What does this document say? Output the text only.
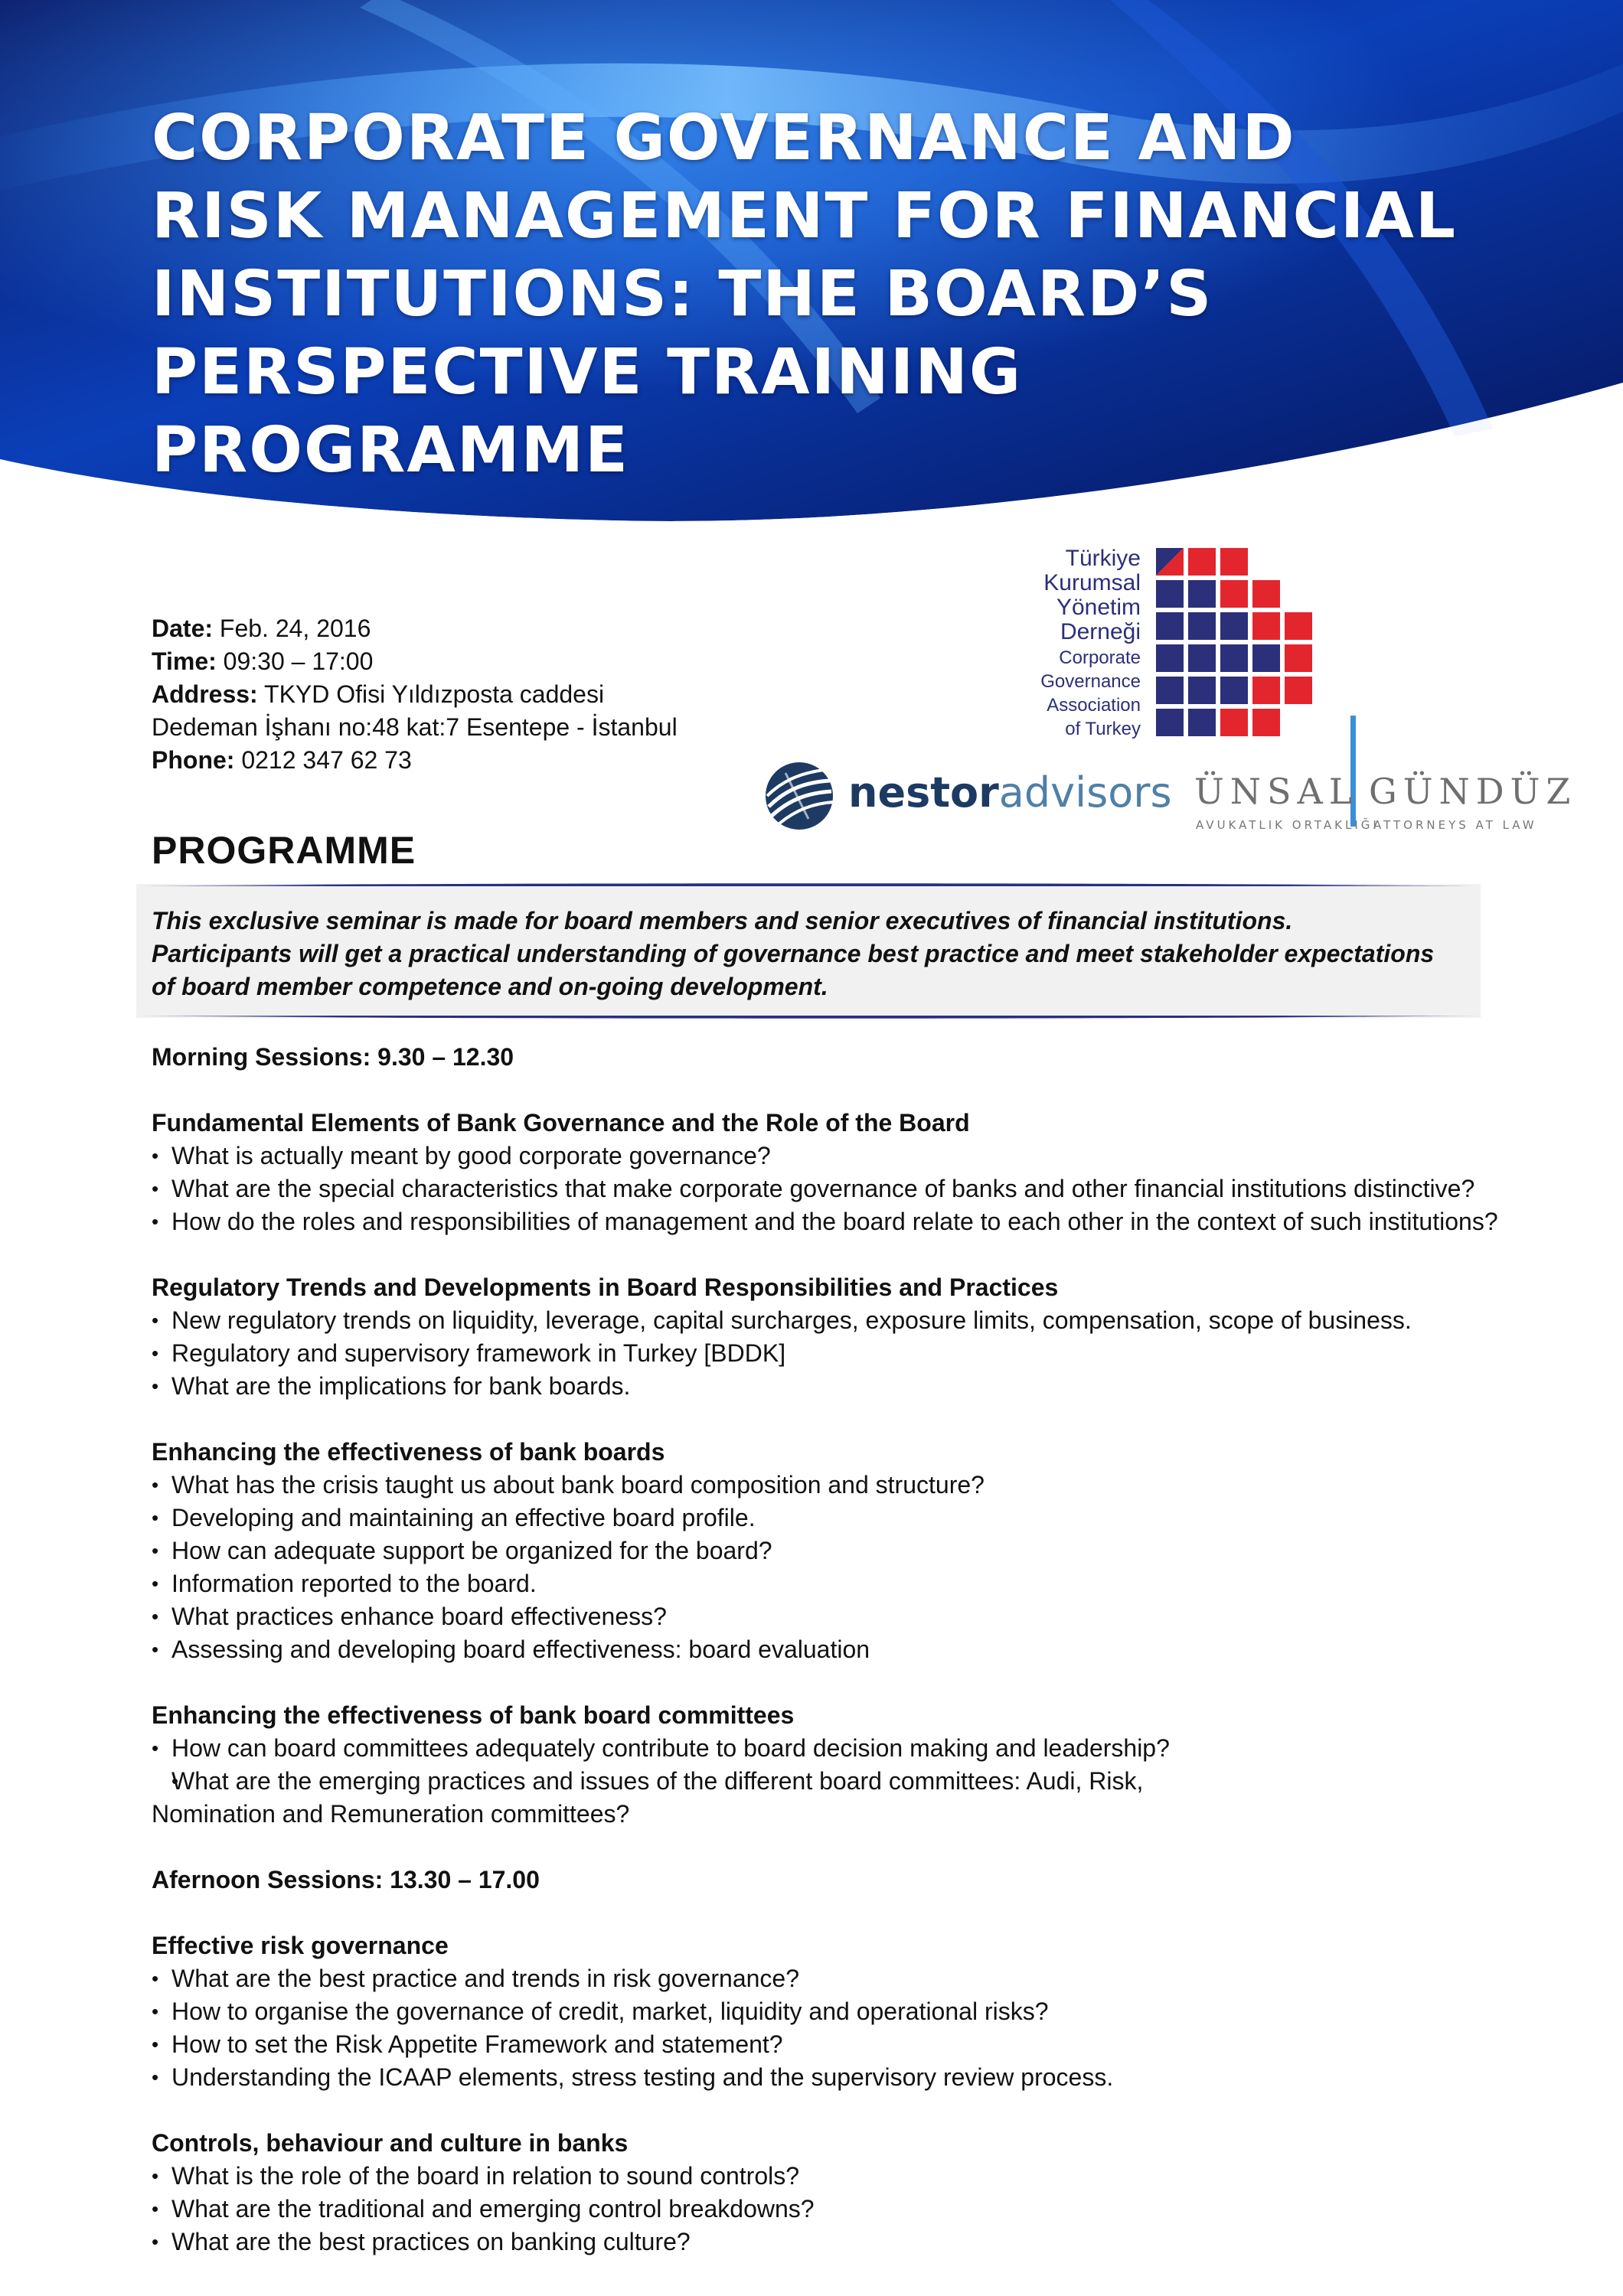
CORPORATE GOVERNANCE AND
RISK MANAGEMENT FOR FINANCIAL
INSTITUTIONS: THE BOARD’S
PERSPECTIVE TRAINING PROGRAMME
Date: Feb. 24, 2016
Time: 09:30 – 17:00
Address: TKYD Ofisi Yıldızposta caddesi
Dedeman İşhanı no:48 kat:7 Esentepe - İstanbul
Phone: 0212 347 62 73
Türkiye
Kurumsal
Yönetim
Derneği
Corporate
Governance
Association
of Turkey
nestoradvisors ÜNSAL GÜNDÜZ
AVUKATLIK ORTAKLIĞI
ATTORNEYS AT LAW
PROGRAMME
This exclusive seminar is made for board members and senior executives of financial institutions.
Participants will get a practical understanding of governance best practice and meet stakeholder expectations
of board member competence and on-going development.
Morning Sessions: 9.30 – 12.30
Fundamental Elements of Bank Governance and the Role of the Board
• What is actually meant by good corporate governance?
• What are the special characteristics that make corporate governance of banks and other financial institutions distinctive?
• How do the roles and responsibilities of management and the board relate to each other in the context of such institutions?
Regulatory Trends and Developments in Board Responsibilities and Practices
• New regulatory trends on liquidity, leverage, capital surcharges, exposure limits, compensation, scope of business.
• Regulatory and supervisory framework in Turkey [BDDK]
• What are the implications for bank boards.
Enhancing the effectiveness of bank boards
• What has the crisis taught us about bank board composition and structure?
• Developing and maintaining an effective board profile.
• How can adequate support be organized for the board?
• Information reported to the board.
• What practices enhance board effectiveness?
• Assessing and developing board effectiveness: board evaluation
Enhancing the effectiveness of bank board committees
• How can board committees adequately contribute to board decision making and leadership?
• What are the emerging practices and issues of the different board committees: Audi, Risk, Nomination and Remuneration committees?
Afernoon Sessions: 13.30 – 17.00
Effective risk governance
• What are the best practice and trends in risk governance?
• How to organise the governance of credit, market, liquidity and operational risks?
• How to set the Risk Appetite Framework and statement?
• Understanding the ICAAP elements, stress testing and the supervisory review process.
Controls, behaviour and culture in banks
• What is the role of the board in relation to sound controls?
• What are the traditional and emerging control breakdowns?
• What are the best practices on banking culture?
